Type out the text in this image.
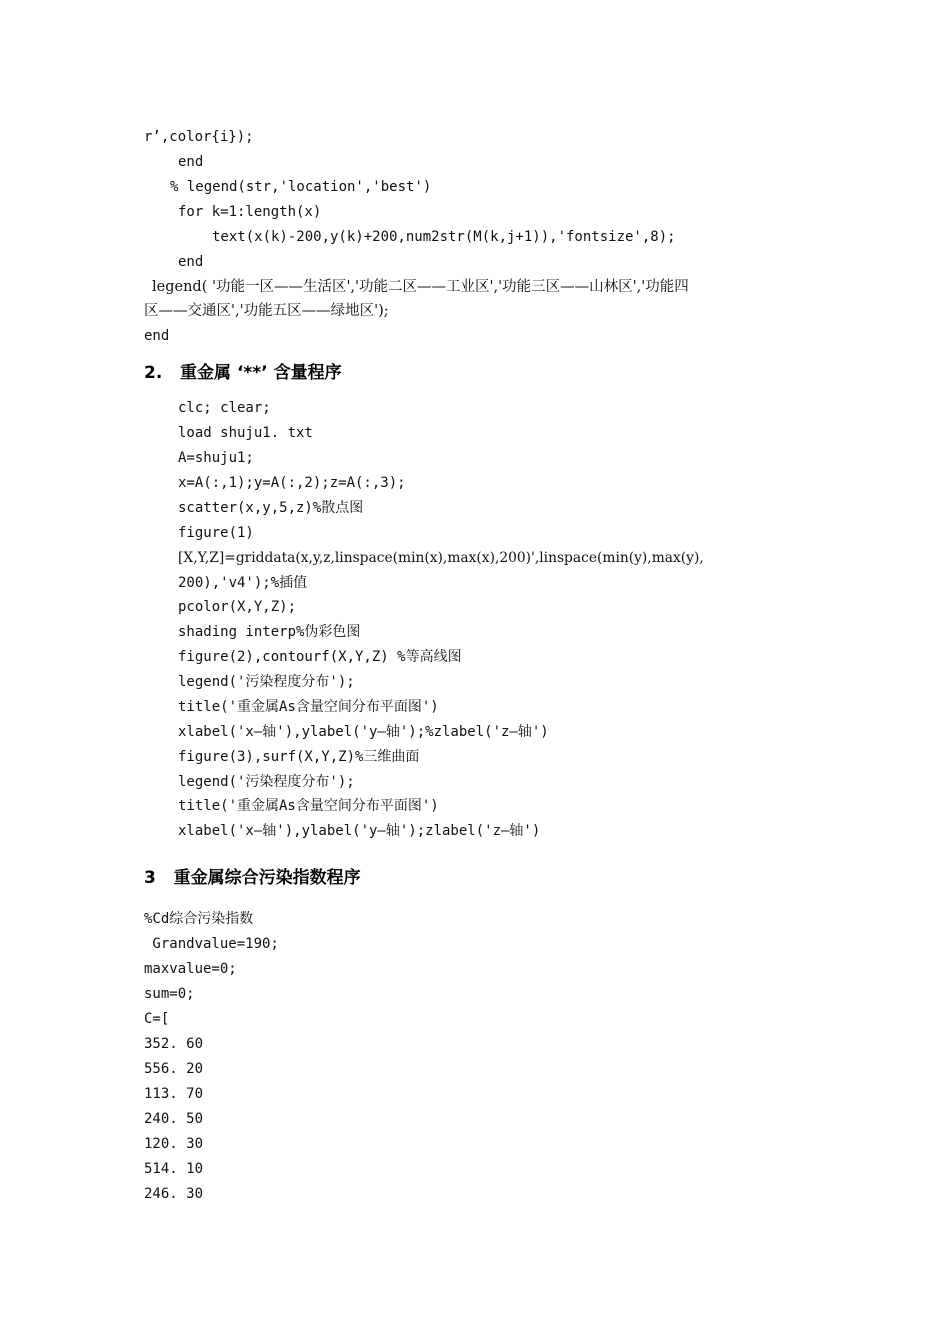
r’,color{i});
end
% legend(str,'location','best')
for k=1:length(x)
text(x(k)-200,y(k)+200,num2str(M(k,j+1)),'fontsize',8);
end
legend( '功能一区——生活区','功能二区——工业区','功能三区——山林区','功能四
区——交通区','功能五区——绿地区');
end
2.   重金属 ‘**’ 含量程序
clc; clear;
load shuju1. txt
A=shuju1;
x=A(:,1);y=A(:,2);z=A(:,3);
scatter(x,y,5,z)%散点图
figure(1)
[X,Y,Z]=griddata(x,y,z,linspace(min(x),max(x),200)',linspace(min(y),max(y),
200),'v4');%插值
pcolor(X,Y,Z);
shading interp%伪彩色图
figure(2),contourf(X,Y,Z) %等高线图
legend('污染程度分布');
title('重金属As含量空间分布平面图')
xlabel('x—轴'),ylabel('y—轴');%zlabel('z—轴')
figure(3),surf(X,Y,Z)%三维曲面
legend('污染程度分布');
title('重金属As含量空间分布平面图')
xlabel('x—轴'),ylabel('y—轴');zlabel('z—轴')
3   重金属综合污染指数程序
%Cd综合污染指数
Grandvalue=190;
maxvalue=0;
sum=0;
C=[
352. 60
556. 20
113. 70
240. 50
120. 30
514. 10
246. 30
